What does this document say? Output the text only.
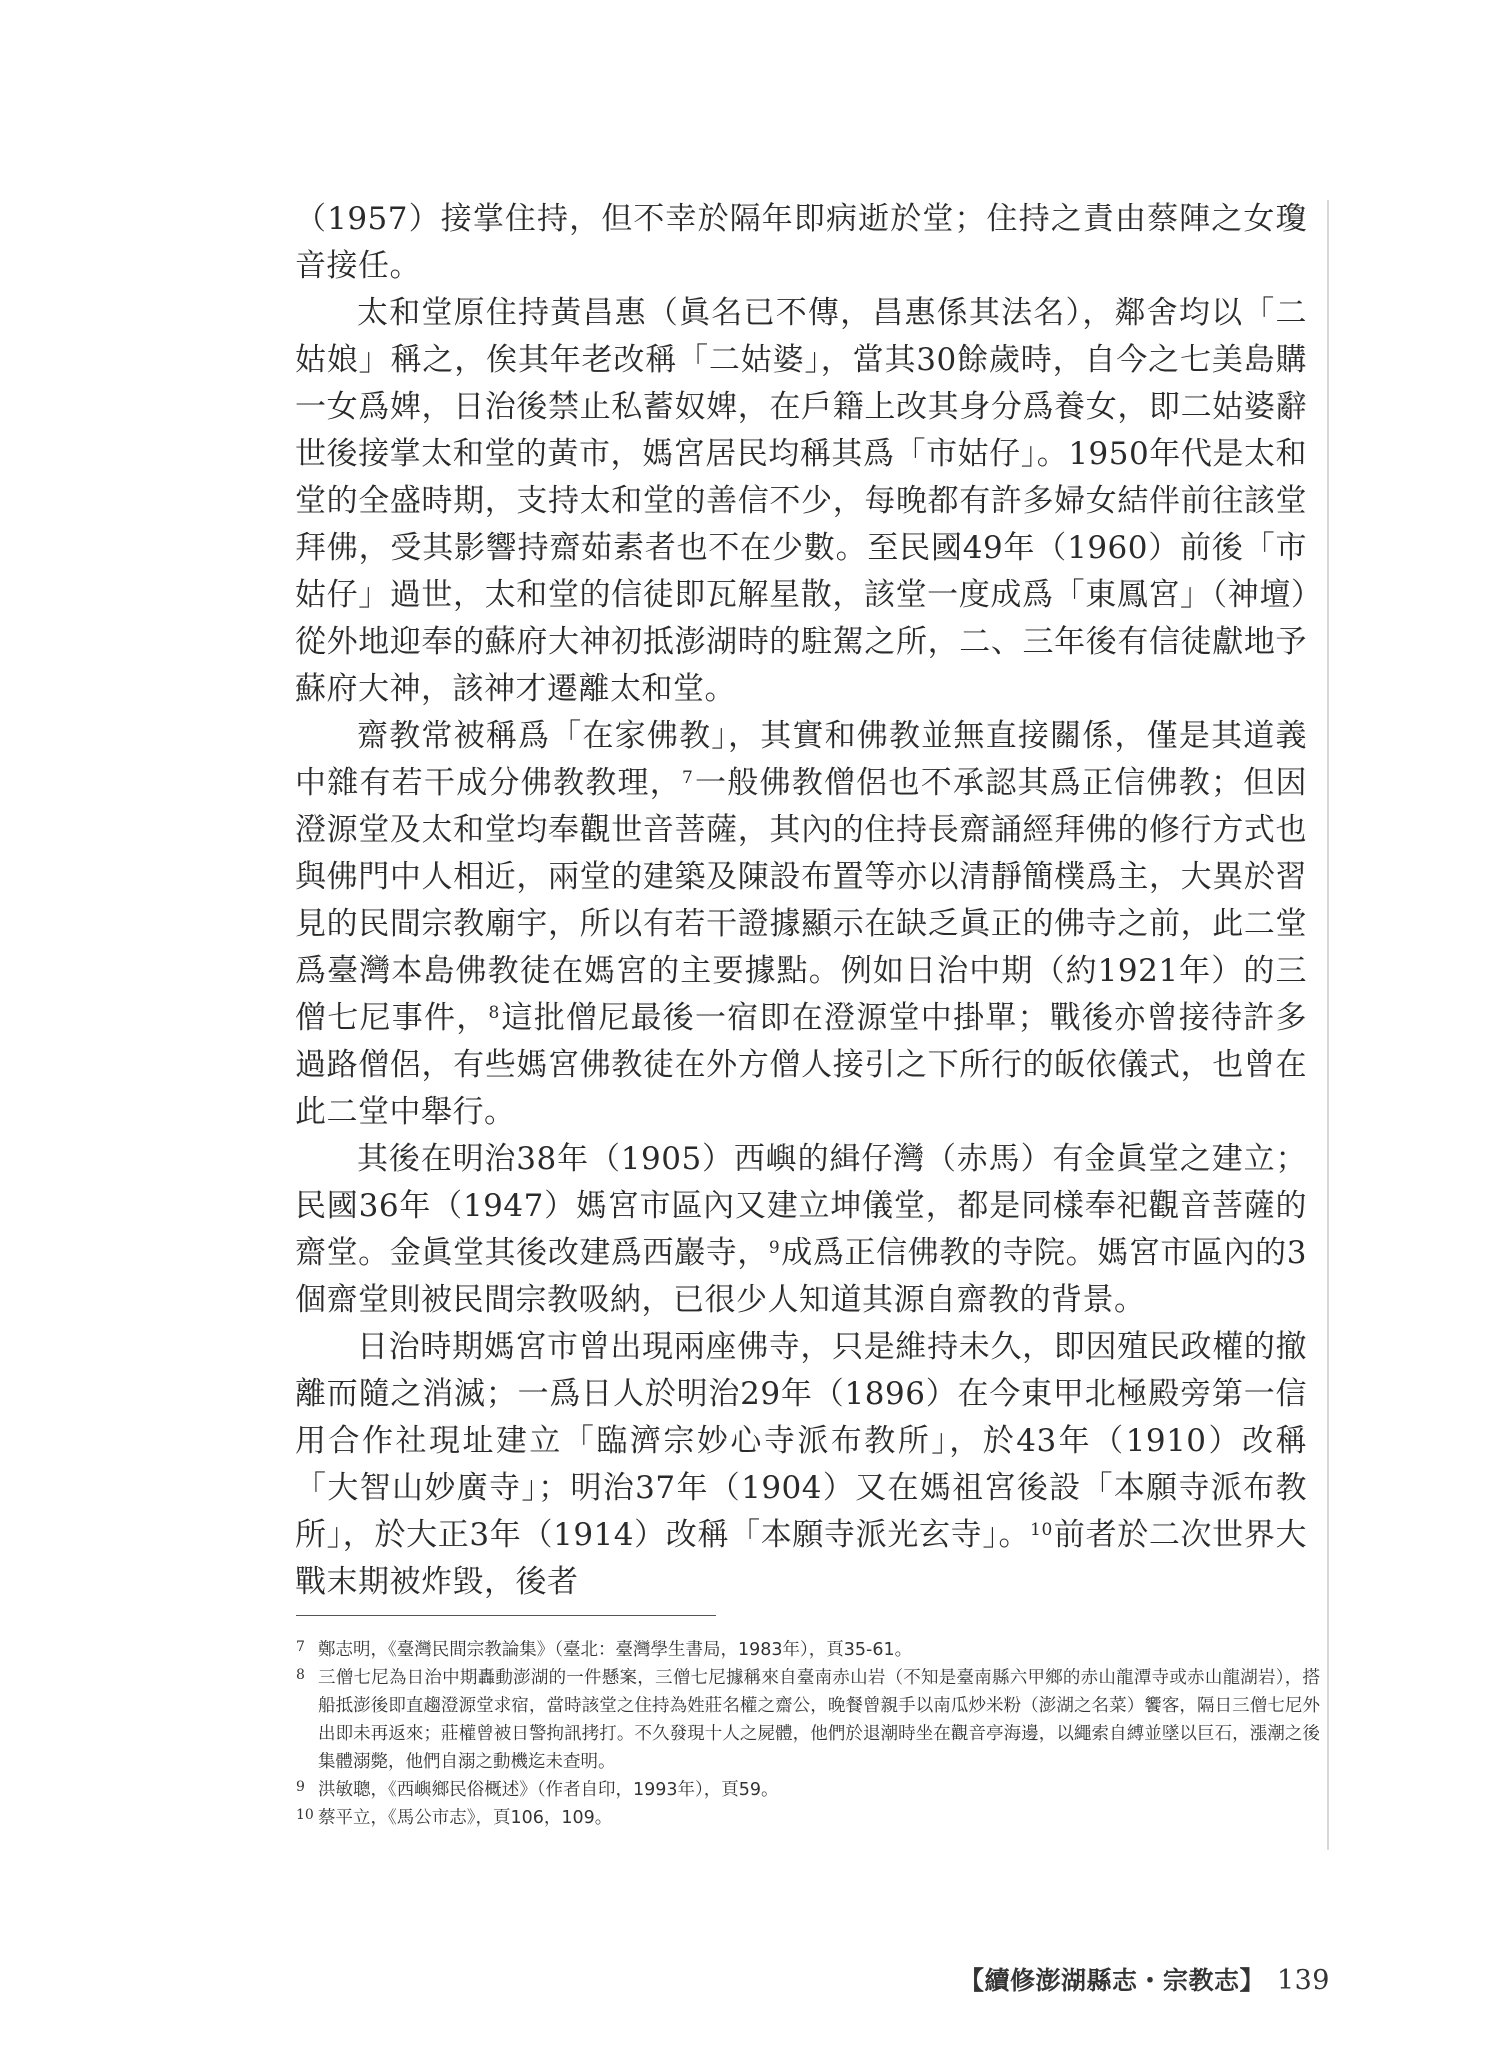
（1957）接掌住持，但不幸於隔年即病逝於堂；住持之責由蔡陣之女瓊音接任。

太和堂原住持黃昌惠（眞名已不傳，昌惠係其法名），鄰舍均以「二姑娘」稱之，俟其年老改稱「二姑婆」，當其30餘歲時，自今之七美島購一女爲婢，日治後禁止私蓄奴婢，在戶籍上改其身分爲養女，即二姑婆辭世後接掌太和堂的黃市，媽宮居民均稱其爲「市姑仔」。1950年代是太和堂的全盛時期，支持太和堂的善信不少，每晚都有許多婦女結伴前往該堂拜佛，受其影響持齋茹素者也不在少數。至民國49年（1960）前後「市姑仔」過世，太和堂的信徒即瓦解星散，該堂一度成爲「東鳳宮」（神壇）從外地迎奉的蘇府大神初抵澎湖時的駐駕之所，二、三年後有信徒獻地予蘇府大神，該神才遷離太和堂。

齋教常被稱爲「在家佛教」，其實和佛教並無直接關係，僅是其道義中雜有若干成分佛教教理，$^7$一般佛教僧侶也不承認其爲正信佛教；但因澄源堂及太和堂均奉觀世音菩薩，其內的住持長齋誦經拜佛的修行方式也與佛門中人相近，兩堂的建築及陳設布置等亦以清靜簡樸爲主，大異於習見的民間宗教廟宇，所以有若干證據顯示在缺乏眞正的佛寺之前，此二堂爲臺灣本島佛教徒在媽宮的主要據點。例如日治中期（約1921年）的三僧七尼事件，$^8$這批僧尼最後一宿即在澄源堂中掛單；戰後亦曾接待許多過路僧侶，有些媽宮佛教徒在外方僧人接引之下所行的皈依儀式，也曾在此二堂中舉行。

其後在明治38年（1905）西嶼的緝仔灣（赤馬）有金眞堂之建立；民國36年（1947）媽宮市區內又建立坤儀堂，都是同樣奉祀觀音菩薩的齋堂。金眞堂其後改建爲西巖寺，$^9$成爲正信佛教的寺院。媽宮市區內的3個齋堂則被民間宗教吸納，已很少人知道其源自齋教的背景。

日治時期媽宮市曾出現兩座佛寺，只是維持未久，即因殖民政權的撤離而隨之消滅；一爲日人於明治29年（1896）在今東甲北極殿旁第一信用合作社現址建立「臨濟宗妙心寺派布教所」，於43年（1910）改稱「大智山妙廣寺」；明治37年（1904）又在媽祖宮後設「本願寺派布教所」，於大正3年（1914）改稱「本願寺派光玄寺」。$^{10}$前者於二次世界大戰末期被炸毀，後者

7 鄭志明，《臺灣民間宗教論集》（臺北：臺灣學生書局，1983年），頁35-61。

8 三僧七尼為日治中期轟動澎湖的一件懸案，三僧七尼據稱來自臺南赤山岩（不知是臺南縣六甲鄉的赤山龍潭寺或赤山龍湖岩），搭船抵澎後即直趨澄源堂求宿，當時該堂之住持為姓莊名權之齋公，晚餐曾親手以南瓜炒米粉（澎湖之名菜）饗客，隔日三僧七尼外出即未再返來；莊權曾被日警拘訊拷打。不久發現十人之屍體，他們於退潮時坐在觀音亭海邊，以繩索自縛並墜以巨石，漲潮之後集體溺斃，他們自溺之動機迄未查明。

9 洪敏聰，《西嶼鄉民俗概述》（作者自印，1993年），頁59。

10 蔡平立，《馬公市志》，頁106，109。

【續修澎湖縣志・宗教志】 139
